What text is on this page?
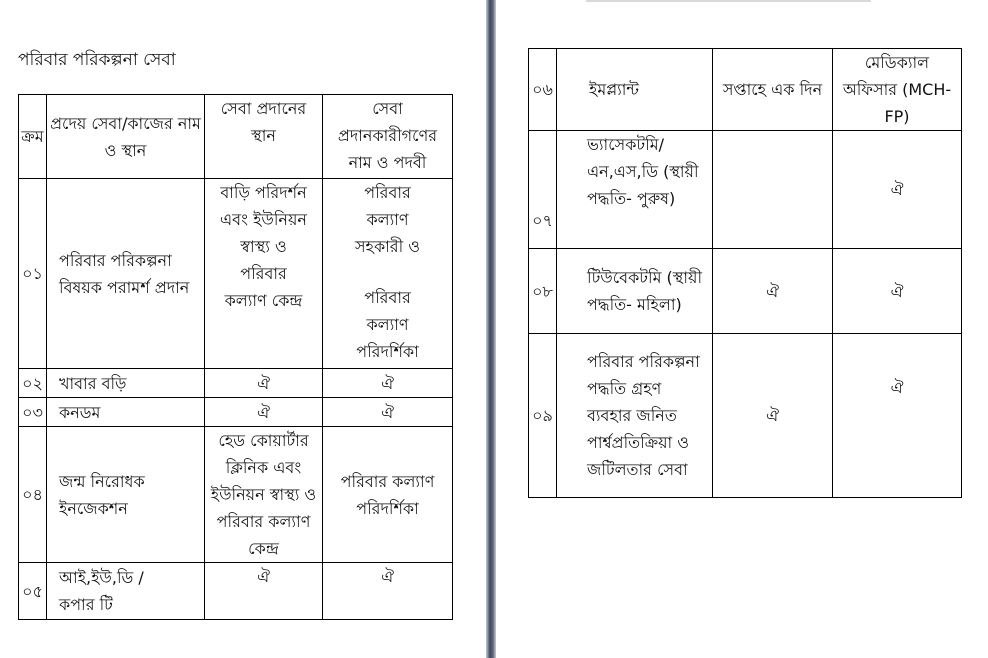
পরিবার পরিকল্পনা সেবা
ক্রম	প্রদেয় সেবা/কাজের নাম ও স্থান	সেবা প্রদানের স্থান	সেবা প্রদানকারীগণের নাম ও পদবী
০১	পরিবার পরিকল্পনা বিষয়ক পরামর্শ প্রদান	বাড়ি পরিদর্শন এবং ইউনিয়ন স্বাস্থ্য ও পরিবার কল্যাণ কেন্দ্র	পরিবার কল্যাণ সহকারী ও
পরিবার কল্যাণ পরিদর্শিকা

০২	খাবার বড়ি	ঐ	ঐ
০৩	কনডম	ঐ	ঐ
০৪	জন্ম নিরোধক ইনজেকশন	হেড কোয়ার্টার ক্লিনিক এবং ইউনিয়ন স্বাস্থ্য ও পরিবার কল্যাণ কেন্দ্র	পরিবার কল্যাণ পরিদর্শিকা
০৫	আই,ইউ,ডি / কপার টি	ঐ	ঐ
০৬	ইমপ্ল্যান্ট	সপ্তাহে এক দিন	মেডিক্যাল অফিসার (MCH-FP)
০৭	ভ্যাসেকটমি/ এন,এস,ডি (স্থায়ী পদ্ধতি- পুরুষ)		ঐ
০৮	টিউবেকটমি (স্থায়ী পদ্ধতি- মহিলা)	ঐ	ঐ
০৯	পরিবার পরিকল্পনা পদ্ধতি গ্রহণ ব্যবহার জনিত পার্শ্বপ্রতিক্রিয়া ও জটিলতার সেবা	ঐ	ঐ
